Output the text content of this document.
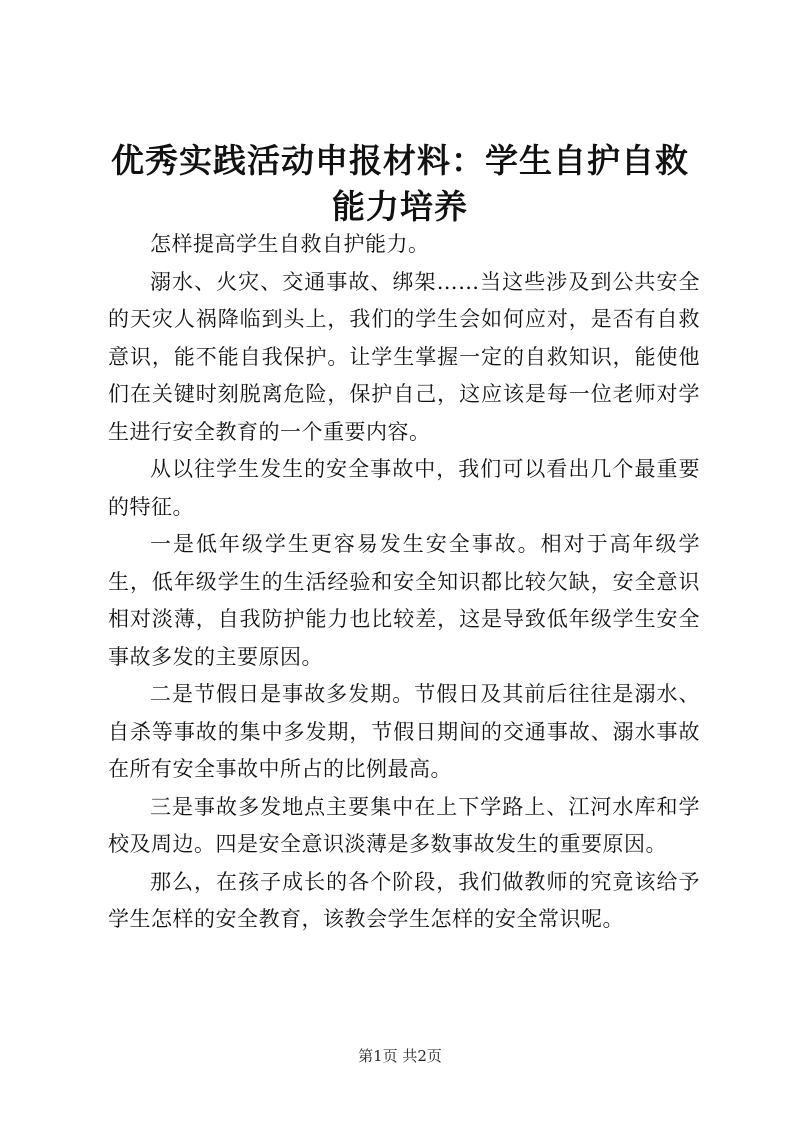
优秀实践活动申报材料：学生自护自救能力培养

怎样提高学生自救自护能力。

溺水、火灾、交通事故、绑架……当这些涉及到公共安全的天灾人祸降临到头上，我们的学生会如何应对，是否有自救意识，能不能自我保护。让学生掌握一定的自救知识，能使他们在关键时刻脱离危险，保护自己，这应该是每一位老师对学生进行安全教育的一个重要内容。

从以往学生发生的安全事故中，我们可以看出几个最重要的特征。

一是低年级学生更容易发生安全事故。相对于高年级学生，低年级学生的生活经验和安全知识都比较欠缺，安全意识相对淡薄，自我防护能力也比较差，这是导致低年级学生安全事故多发的主要原因。

二是节假日是事故多发期。节假日及其前后往往是溺水、自杀等事故的集中多发期，节假日期间的交通事故、溺水事故在所有安全事故中所占的比例最高。

三是事故多发地点主要集中在上下学路上、江河水库和学校及周边。四是安全意识淡薄是多数事故发生的重要原因。

那么，在孩子成长的各个阶段，我们做教师的究竟该给予学生怎样的安全教育，该教会学生怎样的安全常识呢。

第1页 共2页
